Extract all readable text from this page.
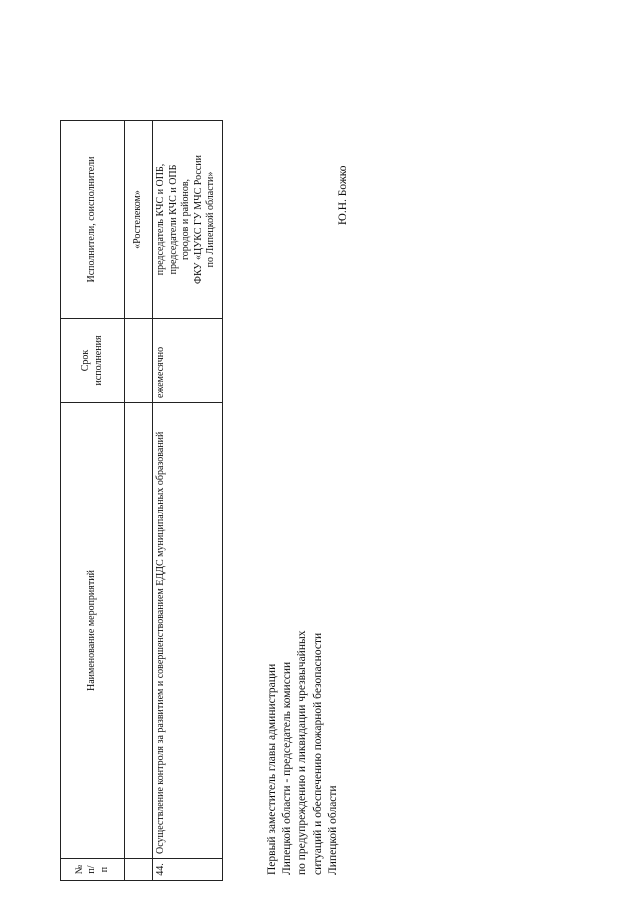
№ п/ п	Наименование мероприятий	Срок исполнения	Исполнители, соисполнители
			«Ростелеком»
44.	Осуществление контроля за развитием и совершенствованием ЕДДС муниципальных образований	ежемесячно	председатель КЧС и ОПБ, председатели КЧС и ОПБ городов и районов, ФКУ «ЦУКС ГУ МЧС России по Липецкой области»
Первый заместитель главы администрации Липецкой области - председатель комиссии по предупреждению и ликвидации чрезвычайных ситуаций и обеспечению пожарной безопасности Липецкой области
Ю.Н. Божко
